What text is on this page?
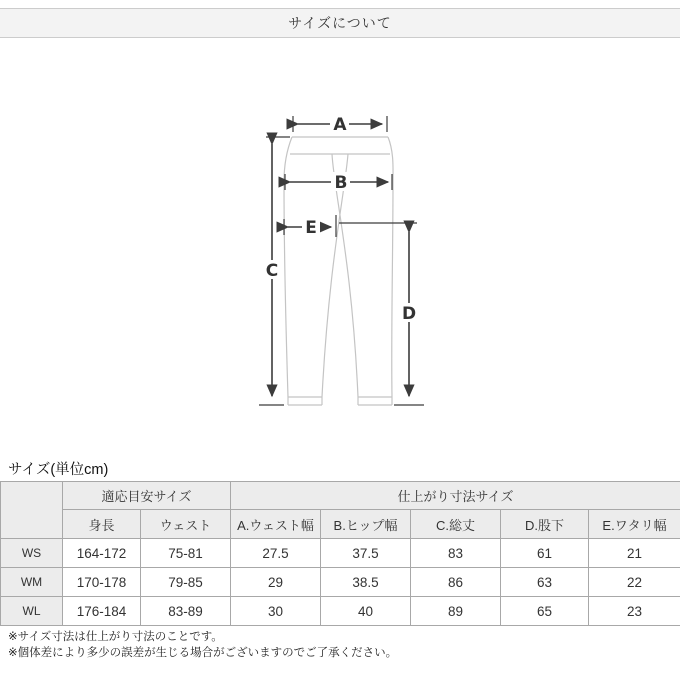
サイズについて
A
B
E
C
D
サイズ(単位cm)
	適応目安サイズ		仕上がり寸法サイズ				
	身長	ウェスト	A.ウェスト幅	B.ヒップ幅	C.総丈	D.股下	E.ワタリ幅
WS	164-172	75-81	27.5	37.5	83	61	21
WM	170-178	79-85	29	38.5	86	63	22
WL	176-184	83-89	30	40	89	65	23
※サイズ寸法は仕上がり寸法のことです。
※個体差により多少の誤差が生じる場合がございますのでご了承ください。
